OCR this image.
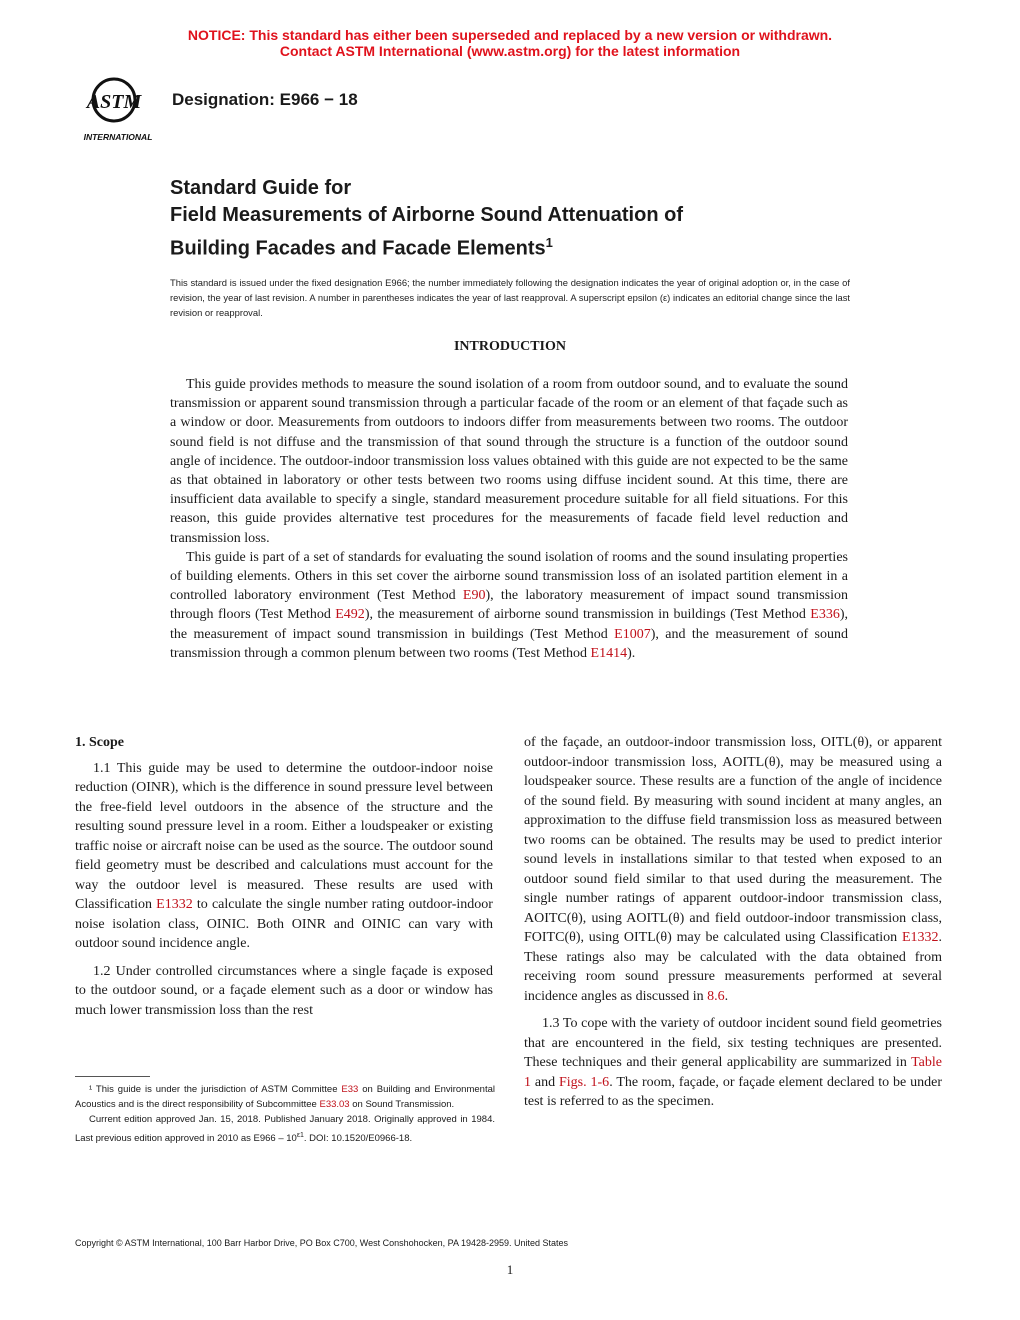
NOTICE: This standard has either been superseded and replaced by a new version or withdrawn.
Contact ASTM International (www.astm.org) for the latest information
ASTM
INTERNATIONAL
Designation: E966 − 18
Standard Guide for
Field Measurements of Airborne Sound Attenuation of
Building Facades and Facade Elements$^1$
This standard is issued under the fixed designation E966; the number immediately following the designation indicates the year of original adoption or, in the case of revision, the year of last revision. A number in parentheses indicates the year of last reapproval. A superscript epsilon (ε) indicates an editorial change since the last revision or reapproval.
INTRODUCTION

This guide provides methods to measure the sound isolation of a room from outdoor sound, and to evaluate the sound transmission or apparent sound transmission through a particular facade of the room or an element of that façade such as a window or door. Measurements from outdoors to indoors differ from measurements between two rooms. The outdoor sound field is not diffuse and the transmission of that sound through the structure is a function of the outdoor sound angle of incidence. The outdoor-indoor transmission loss values obtained with this guide are not expected to be the same as that obtained in laboratory or other tests between two rooms using diffuse incident sound. At this time, there are insufficient data available to specify a single, standard measurement procedure suitable for all field situations. For this reason, this guide provides alternative test procedures for the measurements of facade field level reduction and transmission loss.

This guide is part of a set of standards for evaluating the sound isolation of rooms and the sound insulating properties of building elements. Others in this set cover the airborne sound transmission loss of an isolated partition element in a controlled laboratory environment (Test Method E90), the laboratory measurement of impact sound transmission through floors (Test Method E492), the measurement of airborne sound transmission in buildings (Test Method E336), the measurement of impact sound transmission in buildings (Test Method E1007), and the measurement of sound transmission through a common plenum between two rooms (Test Method E1414).

1. Scope

1.1 This guide may be used to determine the outdoor-indoor noise reduction (OINR), which is the difference in sound pressure level between the free-field level outdoors in the absence of the structure and the resulting sound pressure level in a room. Either a loudspeaker or existing traffic noise or aircraft noise can be used as the source. The outdoor sound field geometry must be described and calculations must account for the way the outdoor level is measured. These results are used with Classification E1332 to calculate the single number rating outdoor-indoor noise isolation class, OINIC. Both OINR and OINIC can vary with outdoor sound incidence angle.

1.2 Under controlled circumstances where a single façade is exposed to the outdoor sound, or a façade element such as a door or window has much lower transmission loss than the rest

of the façade, an outdoor-indoor transmission loss, OITL(θ), or apparent outdoor-indoor transmission loss, AOITL(θ), may be measured using a loudspeaker source. These results are a function of the angle of incidence of the sound field. By measuring with sound incident at many angles, an approximation to the diffuse field transmission loss as measured between two rooms can be obtained. The results may be used to predict interior sound levels in installations similar to that tested when exposed to an outdoor sound field similar to that used during the measurement. The single number ratings of apparent outdoor-indoor transmission class, AOITC(θ), using AOITL(θ) and field outdoor-indoor transmission class, FOITC(θ), using OITL(θ) may be calculated using Classification E1332. These ratings also may be calculated with the data obtained from receiving room sound pressure measurements performed at several incidence angles as discussed in 8.6.

1.3 To cope with the variety of outdoor incident sound field geometries that are encountered in the field, six testing techniques are presented. These techniques and their general applicability are summarized in Table 1 and Figs. 1-6. The room, façade, or façade element declared to be under test is referred to as the specimen.

¹ This guide is under the jurisdiction of ASTM Committee E33 on Building and Environmental Acoustics and is the direct responsibility of Subcommittee E33.03 on Sound Transmission.

Current edition approved Jan. 15, 2018. Published January 2018. Originally approved in 1984. Last previous edition approved in 2010 as $E966 - 10^{\varepsilon 1}$. DOI: 10.1520/E0966-18.

Copyright © ASTM International, 100 Barr Harbor Drive, PO Box C700, West Conshohocken, PA 19428-2959. United States
1
